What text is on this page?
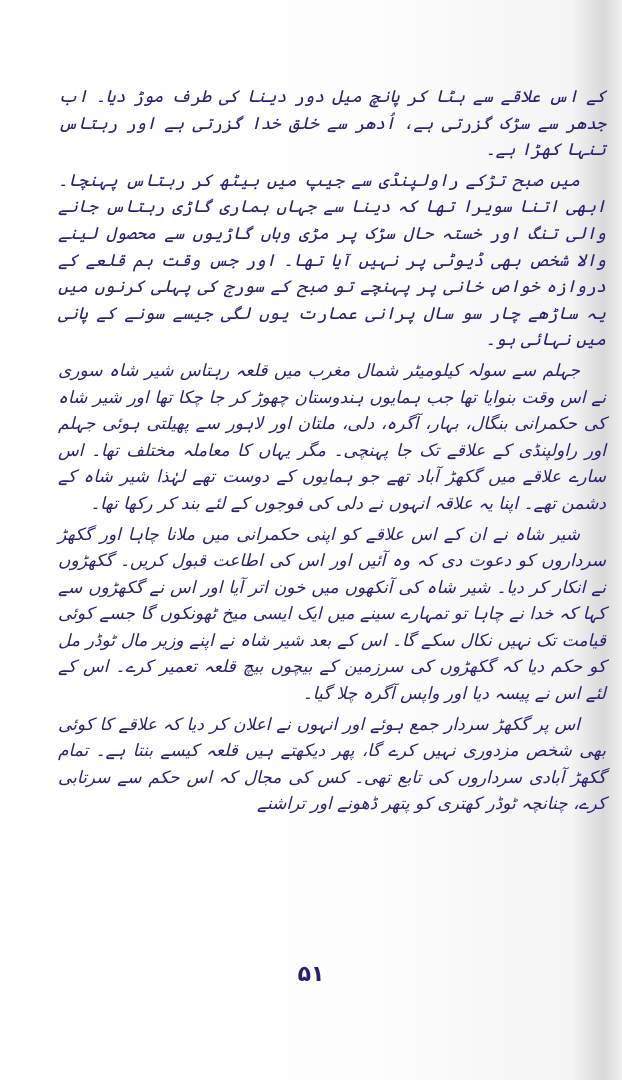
کے اس علاقے سے ہٹا کر پانچ میل دور دینا کی طرف موڑ دیا۔ اب جدھر سے سڑک گزرتی ہے، اُدھر سے خلق خدا گزرتی ہے اور رہتاس تنہا کھڑا ہے۔

میں صبح تڑکے راولپنڈی سے جیپ میں بیٹھ کر رہتاس پہنچا۔ ابھی اتنا سویرا تھا کہ دینا سے جہاں ہماری گاڑی رہتاس جانے والی تنگ اور خستہ حال سڑک پر مڑی وہاں گاڑیوں سے محصول لینے والا شخص بھی ڈیوٹی پر نہیں آیا تھا۔ اور جس وقت ہم قلعے کے دروازہ خواص خانی پر پہنچے تو صبح کے سورج کی پہلی کرنوں میں یہ ساڑھے چار سو سال پرانی عمارت یوں لگی جیسے سونے کے پانی میں نہائی ہو۔

جہلم سے سولہ کیلومیٹر شمال مغرب میں قلعہ رہتاس شیر شاہ سوری نے اس وقت بنوایا تھا جب ہمایوں ہندوستان چھوڑ کر جا چکا تھا اور شیر شاہ کی حکمرانی بنگال، بہار، آگرہ، دلی، ملتان اور لاہور سے پھیلتی ہوئی جہلم اور راولپنڈی کے علاقے تک جا پہنچی۔ مگر یہاں کا معاملہ مختلف تھا۔ اس سارے علاقے میں گکھڑ آباد تھے جو ہمایوں کے دوست تھے لہٰذا شیر شاہ کے دشمن تھے۔ اپنا یہ علاقہ انہوں نے دلی کی فوجوں کے لئے بند کر رکھا تھا۔

شیر شاہ نے ان کے اس علاقے کو اپنی حکمرانی میں ملانا چاہا اور گکھڑ سرداروں کو دعوت دی کہ وہ آئیں اور اس کی اطاعت قبول کریں۔ گکھڑوں نے انکار کر دیا۔ شیر شاہ کی آنکھوں میں خون اتر آیا اور اس نے گکھڑوں سے کہا کہ خدا نے چاہا تو تمہارے سینے میں ایک ایسی میخ ٹھونکوں گا جسے کوئی قیامت تک نہیں نکال سکے گا۔ اس کے بعد شیر شاہ نے اپنے وزیر مال ٹوڈر مل کو حکم دیا کہ گکھڑوں کی سرزمین کے بیچوں بیچ قلعہ تعمیر کرے۔ اس کے لئے اس نے پیسہ دیا اور واپس آگرہ چلا گیا۔

اس پر گکھڑ سردار جمع ہوئے اور انہوں نے اعلان کر دیا کہ علاقے کا کوئی بھی شخص مزدوری نہیں کرے گا، پھر دیکھتے ہیں قلعہ کیسے بنتا ہے۔ تمام گکھڑ آبادی سرداروں کی تابع تھی۔ کس کی مجال کہ اس حکم سے سرتابی کرے، چنانچہ ٹوڈر کھتری کو پتھر ڈھونے اور تراشنے

۵۱
